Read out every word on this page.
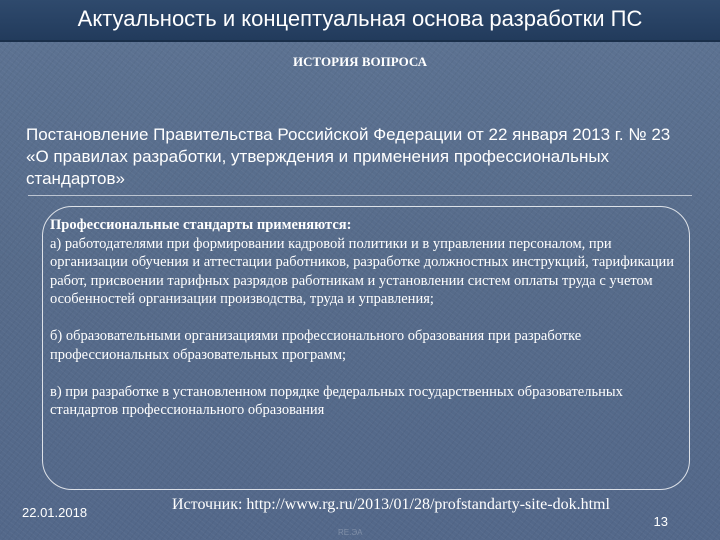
Актуальность и концептуальная основа разработки ПС
ИСТОРИЯ ВОПРОСА
Постановление Правительства Российской Федерации от 22 января 2013 г. № 23 «О правилах разработки, утверждения и применения профессиональных стандартов»

Профессиональные стандарты применяются:

а) работодателями при формировании кадровой политики и в управлении персоналом, при организации обучения и аттестации работников, разработке должностных инструкций, тарификации работ, присвоении тарифных разрядов работникам и установлении систем оплаты труда с учетом особенностей организации производства, труда и управления;

б) образовательными организациями профессионального образования при разработке профессиональных образовательных программ;

в) при разработке в установленном порядке федеральных государственных образовательных стандартов профессионального образования

22.01.2018	Источник: http://www.rg.ru/2013/01/28/profstandarty-site-dok.html
13
RE.ЭА
